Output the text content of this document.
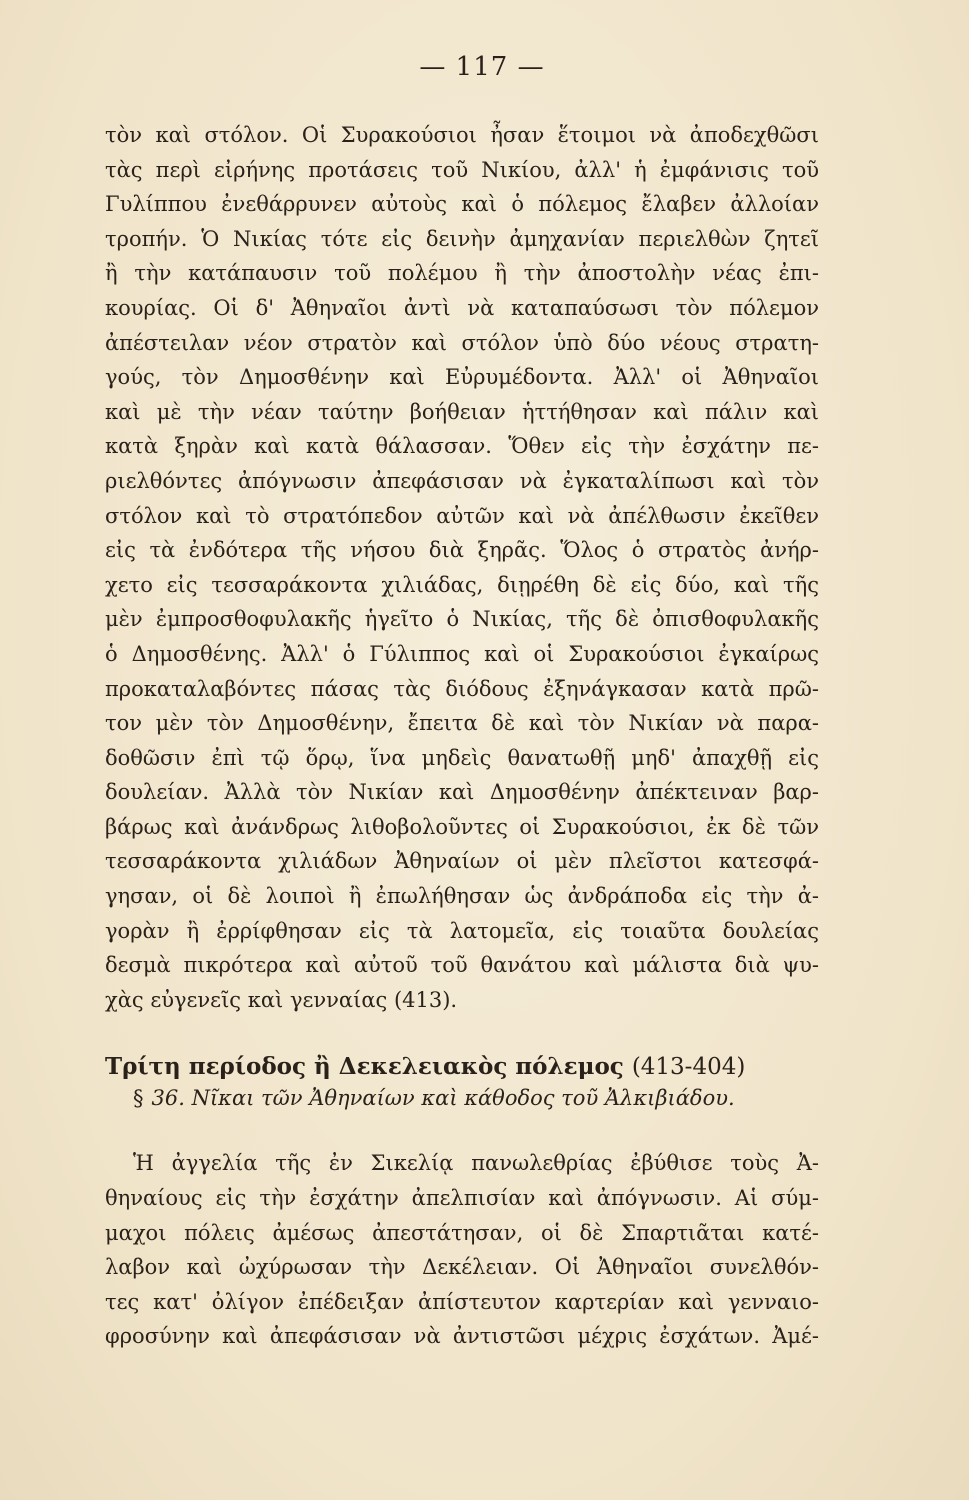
— 117 —
τὸν καὶ στόλον. Οἱ Συρακούσιοι ἦσαν ἕτοιμοι νὰ ἀποδεχθῶσι
τὰς περὶ εἰρήνης προτάσεις τοῦ Νικίου, ἀλλ' ἡ ἐμφάνισις τοῦ
Γυλίππου ἐνεθάρρυνεν αὐτοὺς καὶ ὁ πόλεμος ἔλαβεν ἀλλοίαν
τροπήν. Ὁ Νικίας τότε εἰς δεινὴν ἀμηχανίαν περιελθὼν ζητεῖ
ἢ τὴν κατάπαυσιν τοῦ πολέμου ἢ τὴν ἀποστολὴν νέας ἐπι-
κουρίας. Οἱ δ' Ἀθηναῖοι ἀντὶ νὰ καταπαύσωσι τὸν πόλεμον
ἀπέστειλαν νέον στρατὸν καὶ στόλον ὑπὸ δύο νέους στρατη-
γούς, τὸν Δημοσθένην καὶ Εὐρυμέδοντα. Ἀλλ' οἱ Ἀθηναῖοι
καὶ μὲ τὴν νέαν ταύτην βοήθειαν ἡττήθησαν καὶ πάλιν καὶ
κατὰ ξηρὰν καὶ κατὰ θάλασσαν. Ὅθεν εἰς τὴν ἐσχάτην πε-
ριελθόντες ἀπόγνωσιν ἀπεφάσισαν νὰ ἐγκαταλίπωσι καὶ τὸν
στόλον καὶ τὸ στρατόπεδον αὐτῶν καὶ νὰ ἀπέλθωσιν ἐκεῖθεν
εἰς τὰ ἐνδότερα τῆς νήσου διὰ ξηρᾶς. Ὅλος ὁ στρατὸς ἀνήρ-
χετο εἰς τεσσαράκοντα χιλιάδας, διῃρέθη δὲ εἰς δύο, καὶ τῆς
μὲν ἐμπροσθοφυλακῆς ἡγεῖτο ὁ Νικίας, τῆς δὲ ὀπισθοφυλακῆς
ὁ Δημοσθένης. Ἀλλ' ὁ Γύλιππος καὶ οἱ Συρακούσιοι ἐγκαίρως
προκαταλαβόντες πάσας τὰς διόδους ἐξηνάγκασαν κατὰ πρῶ-
τον μὲν τὸν Δημοσθένην, ἔπειτα δὲ καὶ τὸν Νικίαν νὰ παρα-
δοθῶσιν ἐπὶ τῷ ὅρῳ, ἵνα μηδεὶς θανατωθῇ μηδ' ἀπαχθῇ εἰς
δουλείαν. Ἀλλὰ τὸν Νικίαν καὶ Δημοσθένην ἀπέκτειναν βαρ-
βάρως καὶ ἀνάνδρως λιθοβολοῦντες οἱ Συρακούσιοι, ἐκ δὲ τῶν
τεσσαράκοντα χιλιάδων Ἀθηναίων οἱ μὲν πλεῖστοι κατεσφά-
γησαν, οἱ δὲ λοιποὶ ἢ ἐπωλήθησαν ὡς ἀνδράποδα εἰς τὴν ἀ-
γορὰν ἢ ἐρρίφθησαν εἰς τὰ λατομεῖα, εἰς τοιαῦτα δουλείας
δεσμὰ πικρότερα καὶ αὐτοῦ τοῦ θανάτου καὶ μάλιστα διὰ ψυ-
χὰς εὐγενεῖς καὶ γενναίας (413).
Τρίτη περίοδος ἢ Δεκελειακὸς πόλεμος (413-404)
§ 36. Νῖκαι τῶν Ἀθηναίων καὶ κάθοδος τοῦ Ἀλκιβιάδου.
Ἡ ἀγγελία τῆς ἐν Σικελίᾳ πανωλεθρίας ἐβύθισε τοὺς Ἀ-
θηναίους εἰς τὴν ἐσχάτην ἀπελπισίαν καὶ ἀπόγνωσιν. Αἱ σύμ-
μαχοι πόλεις ἀμέσως ἀπεστάτησαν, οἱ δὲ Σπαρτιᾶται κατέ-
λαβον καὶ ὠχύρωσαν τὴν Δεκέλειαν. Οἱ Ἀθηναῖοι συνελθόν-
τες κατ' ὀλίγον ἐπέδειξαν ἀπίστευτον καρτερίαν καὶ γενναιο-
φροσύνην καὶ ἀπεφάσισαν νὰ ἀντιστῶσι μέχρις ἐσχάτων. Ἀμέ-
